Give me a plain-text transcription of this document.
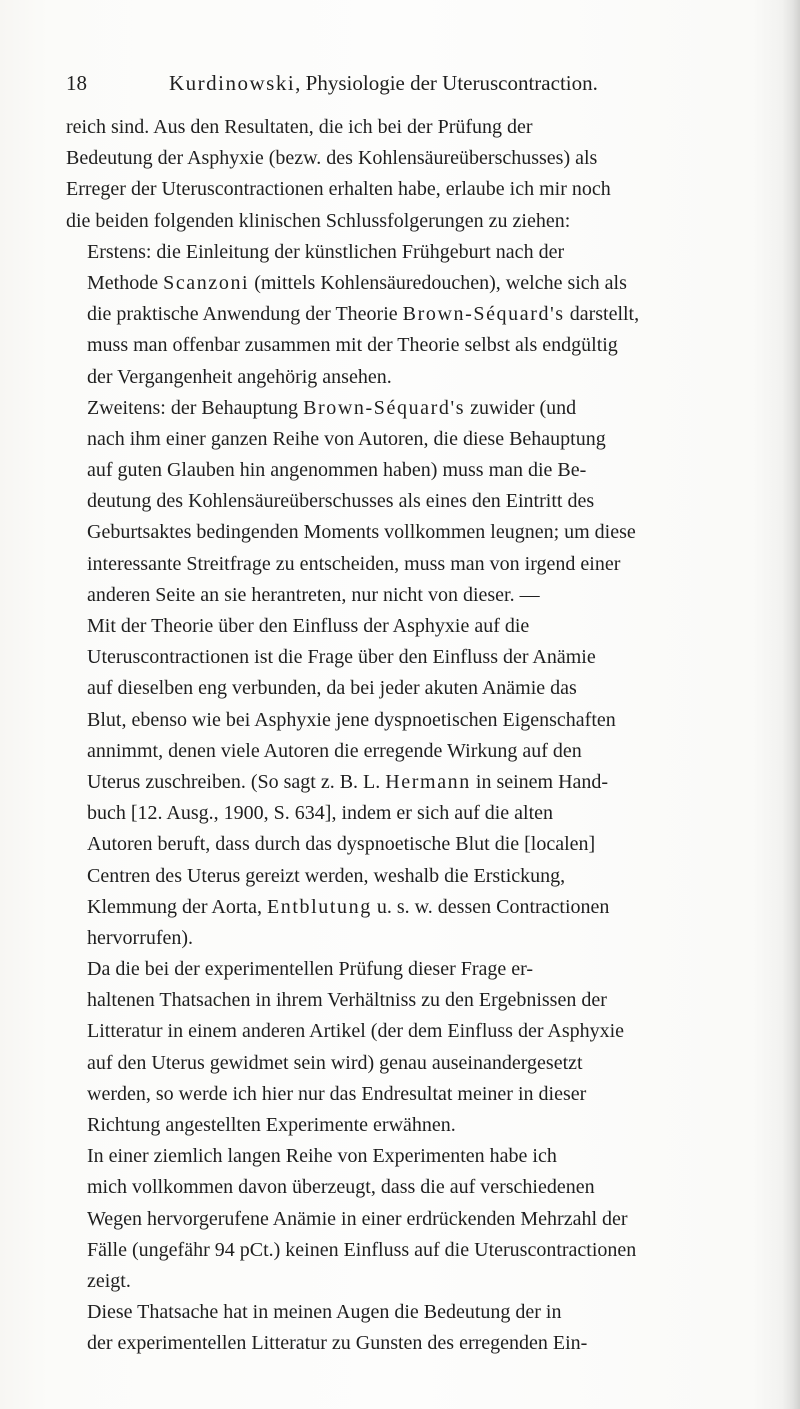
18	Kurdinowski, Physiologie der Uteruscontraction.
reich sind. Aus den Resultaten, die ich bei der Prüfung der
Bedeutung der Asphyxie (bezw. des Kohlensäureüberschusses) als
Erreger der Uteruscontractionen erhalten habe, erlaube ich mir noch
die beiden folgenden klinischen Schlussfolgerungen zu ziehen:
Erstens: die Einleitung der künstlichen Frühgeburt nach der
Methode Scanzoni (mittels Kohlensäuredouchen), welche sich als
die praktische Anwendung der Theorie Brown-Séquard's darstellt,
muss man offenbar zusammen mit der Theorie selbst als endgültig
der Vergangenheit angehörig ansehen.
Zweitens: der Behauptung Brown-Séquard's zuwider (und
nach ihm einer ganzen Reihe von Autoren, die diese Behauptung
auf guten Glauben hin angenommen haben) muss man die Be-
deutung des Kohlensäureüberschusses als eines den Eintritt des
Geburtsaktes bedingenden Moments vollkommen leugnen; um diese
interessante Streitfrage zu entscheiden, muss man von irgend einer
anderen Seite an sie herantreten, nur nicht von dieser. —
Mit der Theorie über den Einfluss der Asphyxie auf die
Uteruscontractionen ist die Frage über den Einfluss der Anämie
auf dieselben eng verbunden, da bei jeder akuten Anämie das
Blut, ebenso wie bei Asphyxie jene dyspnoetischen Eigenschaften
annimmt, denen viele Autoren die erregende Wirkung auf den
Uterus zuschreiben. (So sagt z. B. L. Hermann in seinem Hand-
buch [12. Ausg., 1900, S. 634], indem er sich auf die alten
Autoren beruft, dass durch das dyspnoetische Blut die [localen]
Centren des Uterus gereizt werden, weshalb die Erstickung,
Klemmung der Aorta, Entblutung u. s. w. dessen Contractionen
hervorrufen).
Da die bei der experimentellen Prüfung dieser Frage er-
haltenen Thatsachen in ihrem Verhältniss zu den Ergebnissen der
Litteratur in einem anderen Artikel (der dem Einfluss der Asphyxie
auf den Uterus gewidmet sein wird) genau auseinandergesetzt
werden, so werde ich hier nur das Endresultat meiner in dieser
Richtung angestellten Experimente erwähnen.
In einer ziemlich langen Reihe von Experimenten habe ich
mich vollkommen davon überzeugt, dass die auf verschiedenen
Wegen hervorgerufene Anämie in einer erdrückenden Mehrzahl der
Fälle (ungefähr 94 pCt.) keinen Einfluss auf die Uteruscontractionen
zeigt.
Diese Thatsache hat in meinen Augen die Bedeutung der in
der experimentellen Litteratur zu Gunsten des erregenden Ein-
